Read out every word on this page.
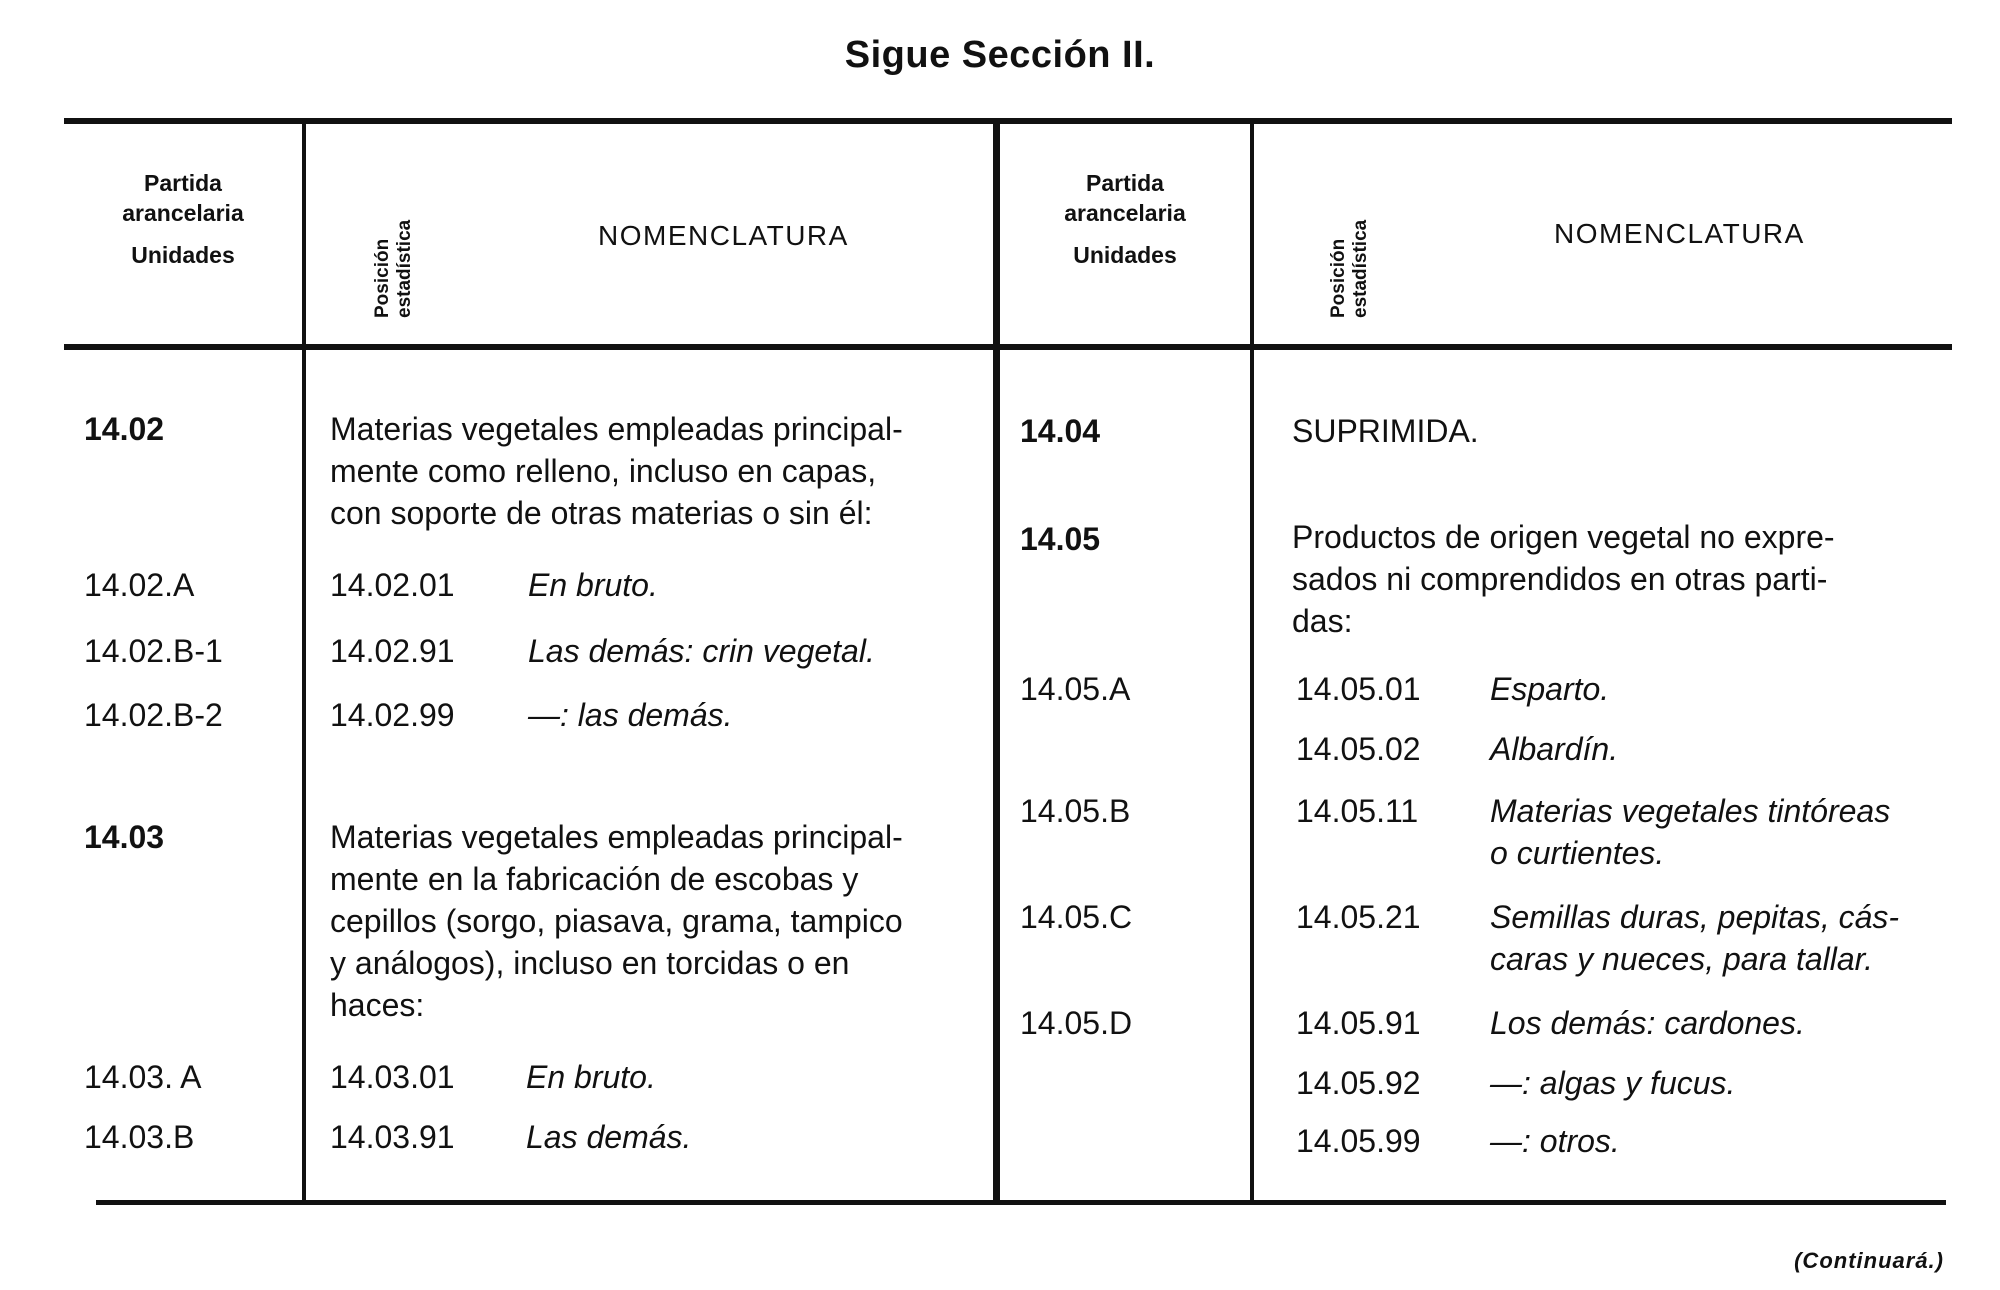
Sigue Sección II.
Partida
arancelaria
Unidades	Posición estadística	NOMENCLATURA
Partida
arancelaria
Unidades	Posición estadística	NOMENCLATURA
14.02	Materias vegetales empleadas principal-
mente como relleno, incluso en capas,
con soporte de otras materias o sin él:
14.02.A	14.02.01 En bruto.
14.02.B-1	14.02.91 Las demás: crin vegetal.
14.02.B-2	14.02.99 —: las demás.
14.03	Materias vegetales empleadas principal-
mente en la fabricación de escobas y
cepillos (sorgo, piasava, grama, tampico
y análogos), incluso en torcidas o en
haces:
14.03. A	14.03.01 En bruto.
14.03.B	14.03.91 Las demás.
14.04	SUPRIMIDA.
14.05	Productos de origen vegetal no expre-
sados ni comprendidos en otras parti-
das:
14.05.A	14.05.01 Esparto.
14.05.02 Albardín.
14.05.B	14.05.11 Materias vegetales tintóreas
o curtientes.
14.05.C	14.05.21 Semillas duras, pepitas, cás-
caras y nueces, para tallar.
14.05.D	14.05.91 Los demás: cardones.
14.05.92 —: algas y fucus.
14.05.99 —: otros.
(Continuará.)
